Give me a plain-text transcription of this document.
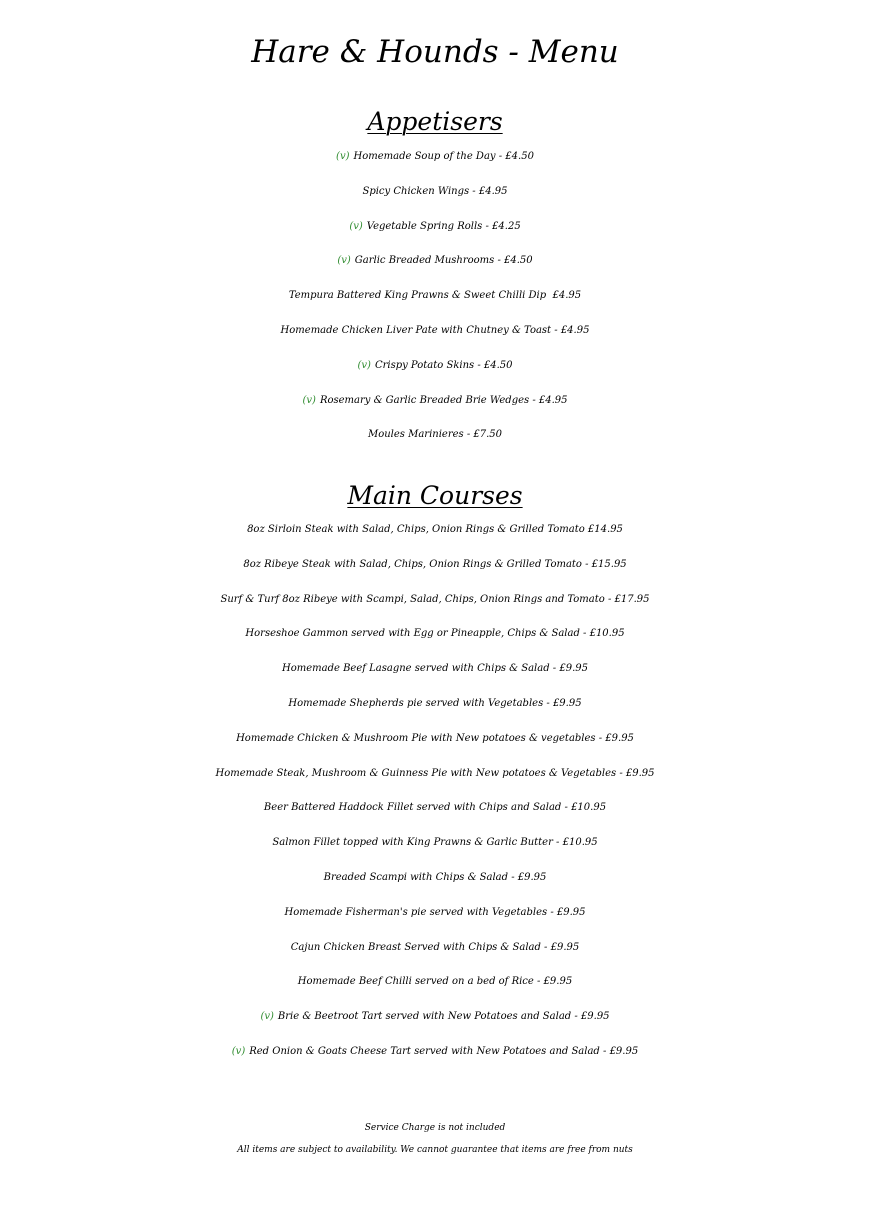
Hare & Hounds - Menu
Appetisers
(v) Homemade Soup of the Day - £4.50
Spicy Chicken Wings - £4.95
(v) Vegetable Spring Rolls - £4.25
(v) Garlic Breaded Mushrooms - £4.50
Tempura Battered King Prawns & Sweet Chilli Dip  £4.95
Homemade Chicken Liver Pate with Chutney & Toast - £4.95
(v) Crispy Potato Skins - £4.50
(v) Rosemary & Garlic Breaded Brie Wedges - £4.95
Moules Marinieres - £7.50
Main Courses
8oz Sirloin Steak with Salad, Chips, Onion Rings & Grilled Tomato £14.95
8oz Ribeye Steak with Salad, Chips, Onion Rings & Grilled Tomato - £15.95
Surf & Turf 8oz Ribeye with Scampi, Salad, Chips, Onion Rings and Tomato - £17.95
Horseshoe Gammon served with Egg or Pineapple, Chips & Salad - £10.95
Homemade Beef Lasagne served with Chips & Salad - £9.95
Homemade Shepherds pie served with Vegetables - £9.95
Homemade Chicken & Mushroom Pie with New potatoes & vegetables - £9.95
Homemade Steak, Mushroom & Guinness Pie with New potatoes & Vegetables - £9.95
Beer Battered Haddock Fillet served with Chips and Salad - £10.95
Salmon Fillet topped with King Prawns & Garlic Butter - £10.95
Breaded Scampi with Chips & Salad - £9.95
Homemade Fisherman's pie served with Vegetables - £9.95
Cajun Chicken Breast Served with Chips & Salad - £9.95
Homemade Beef Chilli served on a bed of Rice - £9.95
(v) Brie & Beetroot Tart served with New Potatoes and Salad - £9.95
(v) Red Onion & Goats Cheese Tart served with New Potatoes and Salad - £9.95

Service Charge is not included

All items are subject to availability. We cannot guarantee that items are free from nuts
